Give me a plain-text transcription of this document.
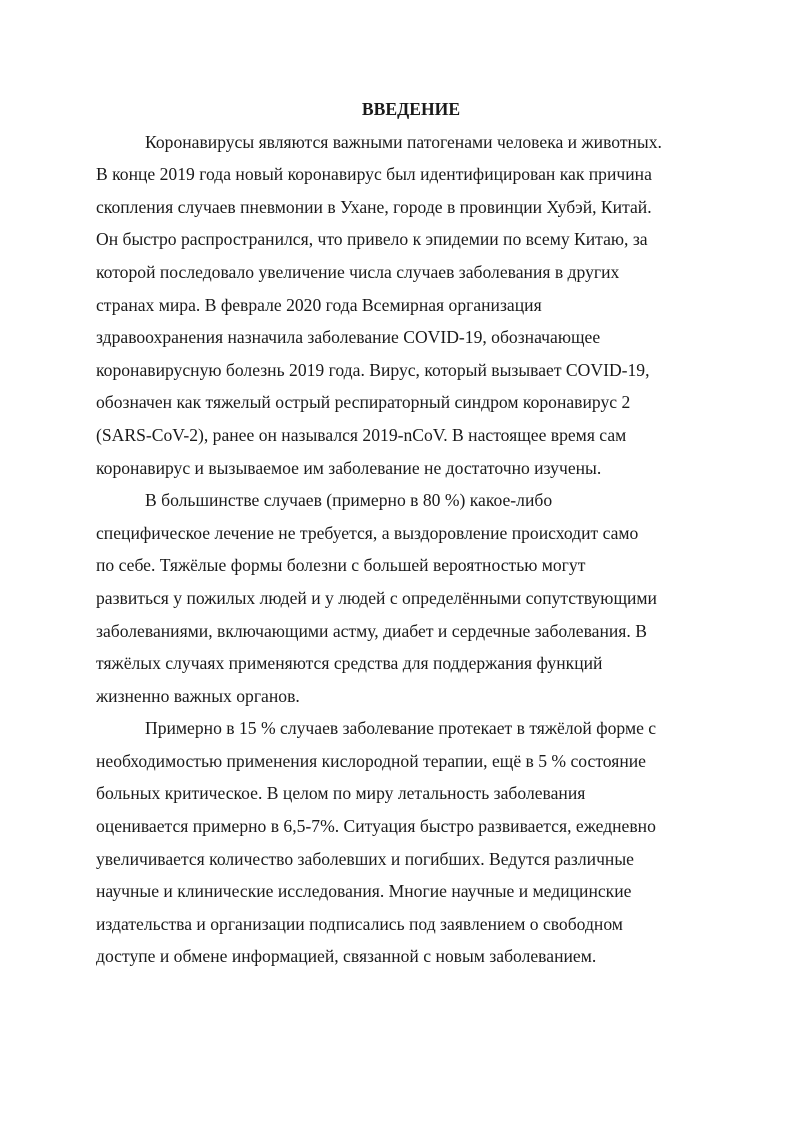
ВВЕДЕНИЕ

Коронавирусы являются важными патогенами человека и животных.
В конце 2019 года новый коронавирус был идентифицирован как причина
скопления случаев пневмонии в Ухане, городе в провинции Хубэй, Китай.
Он быстро распространился, что привело к эпидемии по всему Китаю, за
которой последовало увеличение числа случаев заболевания в других
странах мира. В феврале 2020 года Всемирная организация
здравоохранения назначила заболевание COVID-19, обозначающее
коронавирусную болезнь 2019 года. Вирус, который вызывает COVID-19,
обозначен как тяжелый острый респираторный синдром коронавирус 2
(SARS-CoV-2), ранее он назывался 2019-nCoV. В настоящее время сам
коронавирус и вызываемое им заболевание не достаточно изучены.

В большинстве случаев (примерно в 80 %) какое-либо
специфическое лечение не требуется, а выздоровление происходит само
по себе. Тяжёлые формы болезни с большей вероятностью могут
развиться у пожилых людей и у людей с определёнными сопутствующими
заболеваниями, включающими астму, диабет и сердечные заболевания. В
тяжёлых случаях применяются средства для поддержания функций
жизненно важных органов.

Примерно в 15 % случаев заболевание протекает в тяжёлой форме с
необходимостью применения кислородной терапии, ещё в 5 % состояние
больных критическое. В целом по миру летальность заболевания
оценивается примерно в 6,5-7%. Ситуация быстро развивается, ежедневно
увеличивается количество заболевших и погибших. Ведутся различные
научные и клинические исследования. Многие научные и медицинские
издательства и организации подписались под заявлением о свободном
доступе и обмене информацией, связанной с новым заболеванием.
